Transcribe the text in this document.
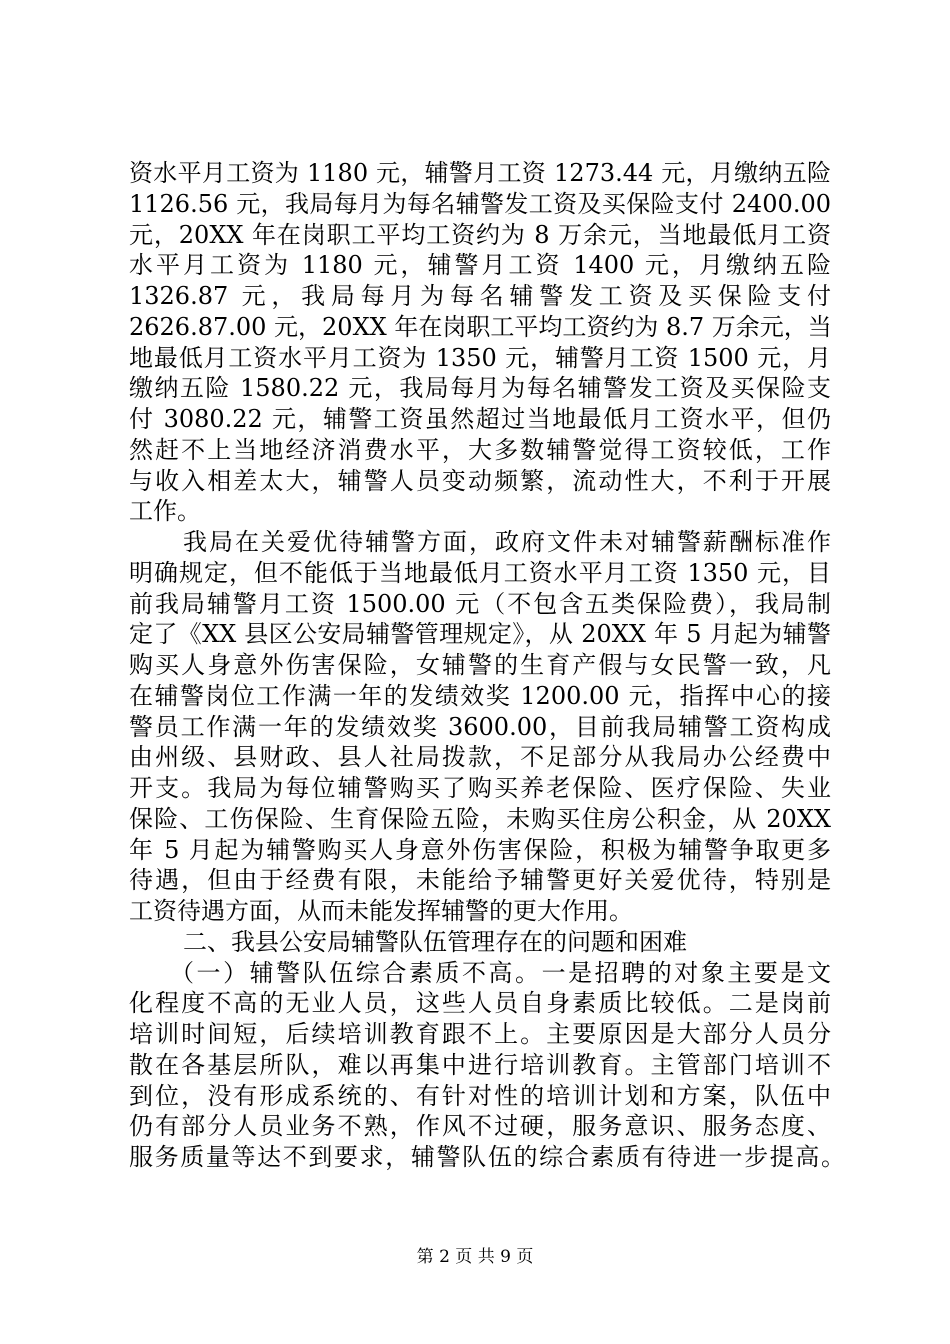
资水平月工资为 1180 元，辅警月工资 1273.44 元，月缴纳五险
1126.56 元，我局每月为每名辅警发工资及买保险支付 2400.00
元，20XX 年在岗职工平均工资约为 8 万余元，当地最低月工资
水平月工资为 1180 元，辅警月工资 1400 元，月缴纳五险
1326.87 元，我局每月为每名辅警发工资及买保险支付
2626.87.00 元，20XX 年在岗职工平均工资约为 8.7 万余元，当
地最低月工资水平月工资为 1350 元，辅警月工资 1500 元，月
缴纳五险 1580.22 元，我局每月为每名辅警发工资及买保险支
付 3080.22 元，辅警工资虽然超过当地最低月工资水平，但仍
然赶不上当地经济消费水平，大多数辅警觉得工资较低，工作
与收入相差太大，辅警人员变动频繁，流动性大，不利于开展
工作。
我局在关爱优待辅警方面，政府文件未对辅警薪酬标准作
明确规定，但不能低于当地最低月工资水平月工资 1350 元，目
前我局辅警月工资 1500.00 元（不包含五类保险费），我局制
定了《XX 县区公安局辅警管理规定》，从 20XX 年 5 月起为辅警
购买人身意外伤害保险，女辅警的生育产假与女民警一致，凡
在辅警岗位工作满一年的发绩效奖 1200.00 元，指挥中心的接
警员工作满一年的发绩效奖 3600.00，目前我局辅警工资构成
由州级、县财政、县人社局拨款，不足部分从我局办公经费中
开支。我局为每位辅警购买了购买养老保险、医疗保险、失业
保险、工伤保险、生育保险五险，未购买住房公积金，从 20XX
年 5 月起为辅警购买人身意外伤害保险，积极为辅警争取更多
待遇，但由于经费有限，未能给予辅警更好关爱优待，特别是
工资待遇方面，从而未能发挥辅警的更大作用。
二、我县公安局辅警队伍管理存在的问题和困难
（一）辅警队伍综合素质不高。一是招聘的对象主要是文
化程度不高的无业人员，这些人员自身素质比较低。二是岗前
培训时间短，后续培训教育跟不上。主要原因是大部分人员分
散在各基层所队，难以再集中进行培训教育。主管部门培训不
到位，没有形成系统的、有针对性的培训计划和方案，队伍中
仍有部分人员业务不熟，作风不过硬，服务意识、服务态度、
服务质量等达不到要求，辅警队伍的综合素质有待进一步提高。
第 2 页 共 9 页
